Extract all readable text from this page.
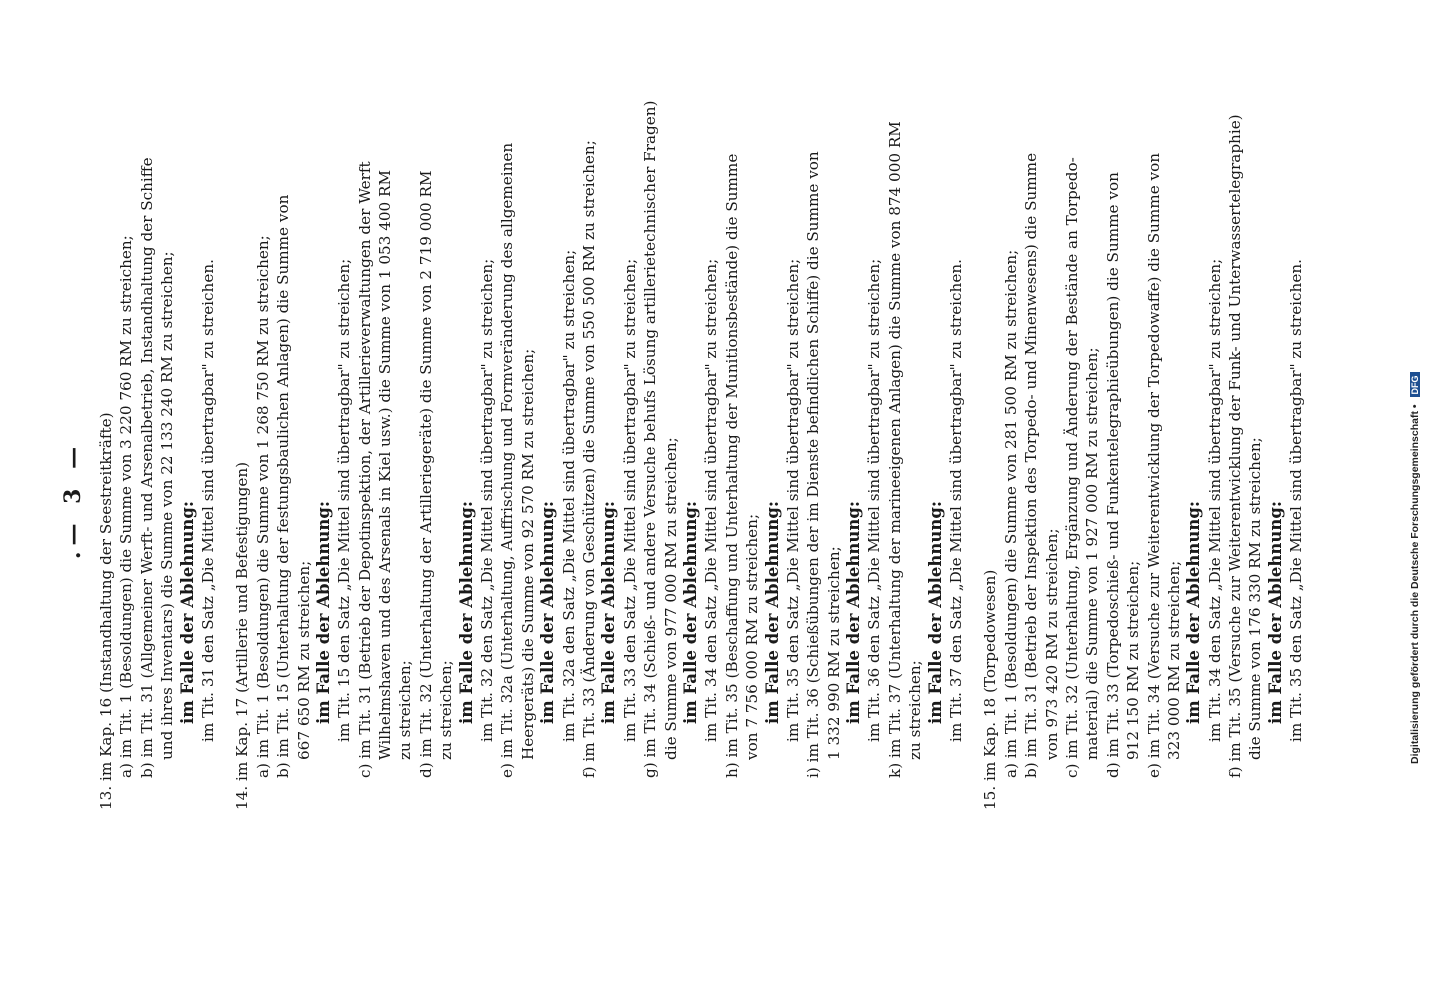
.— 3 — 13. im Kap. 16 (Instandhaltung der Seestreitkräfte) a) im Tit. 1 (Besoldungen) die Summe von 3 220 760 RM zu streichen; b) im Tit. 31 (Allgemeiner Werft- und Arsenalbetrieb, Instandhaltung der Schiffe und ihres Inventars) die Summe von 22 133 240 RM zu streichen; im Falle der Ablehnung: im Tit. 31 den Satz „Die Mittel sind übertragbar" zu streichen. 14. im Kap. 17 (Artillerie und Befestigungen) a) im Tit. 1 (Besoldungen) die Summe von 1 268 750 RM zu streichen; b) im Tit. 15 (Unterhaltung der festungsbaulichen Anlagen) die Summe von 667 650 RM zu streichen; im Falle der Ablehnung: im Tit. 15 den Satz „Die Mittel sind übertragbar" zu streichen; c) im Tit. 31 (Betrieb der Depotinspektion, der Artillerieverwaltungen der Werft Wilhelmshaven und des Arsenals in Kiel usw.) die Summe von 1 053 400 RM zu streichen; d) im Tit. 32 (Unterhaltung der Artilleriegeräte) die Summe von 2 719 000 RM zu streichen; im Falle der Ablehnung: im Tit. 32 den Satz „Die Mittel sind übertragbar" zu streichen; e) im Tit. 32a (Unterhaltung, Auffrischung und Formveränderung des allgemeinen Heergeräts) die Summe von 92 570 RM zu streichen; im Falle der Ablehnung: im Tit. 32a den Satz „Die Mittel sind übertragbar" zu streichen; f) im Tit. 33 (Änderung von Geschützen) die Summe von 550 500 RM zu streichen; im Falle der Ablehnung: im Tit. 33 den Satz „Die Mittel sind übertragbar" zu streichen; g) im Tit. 34 (Schieß- und andere Versuche behufs Lösung artillerietechnischer Fragen) die Summe von 977 000 RM zu streichen; im Falle der Ablehnung: im Tit. 34 den Satz „Die Mittel sind übertragbar" zu streichen; h) im Tit. 35 (Beschaffung und Unterhaltung der Munitionsbestände) die Summe von 7 756 000 RM zu streichen; im Falle der Ablehnung: im Tit. 35 den Satz „Die Mittel sind übertragbar" zu streichen; i) im Tit. 36 (Schießübungen der im Dienste befindlichen Schiffe) die Summe von 1 332 990 RM zu streichen; im Falle der Ablehnung: im Tit. 36 den Satz „Die Mittel sind übertragbar" zu streichen; k) im Tit. 37 (Unterhaltung der marineeigenen Anlagen) die Summe von 874 000 RM zu streichen; im Falle der Ablehnung: im Tit. 37 den Satz „Die Mittel sind übertragbar" zu streichen. 15. im Kap. 18 (Torpedowesen) a) im Tit. 1 (Besoldungen) die Summe von 281 500 RM zu streichen; b) im Tit. 31 (Betrieb der Inspektion des Torpedo- und Minenwesens) die Summe von 973 420 RM zu streichen; c) im Tit. 32 (Unterhaltung, Ergänzung und Änderung der Bestände an Torpedo- material) die Summe von 1 927 000 RM zu streichen; d) im Tit. 33 (Torpedoschieß- und Funkentelegraphieübungen) die Summe von 912 150 RM zu streichen; e) im Tit. 34 (Versuche zur Weiterentwicklung der Torpedowaffe) die Summe von 323 000 RM zu streichen; im Falle der Ablehnung: im Tit. 34 den Satz „Die Mittel sind übertragbar" zu streichen; f) im Tit. 35 (Versuche zur Weiterentwicklung der Funk- und Unterwassertelegraphie) die Summe von 176 330 RM zu streichen; im Falle der Ablehnung: im Tit. 35 den Satz „Die Mittel sind übertragbar" zu streichen.	Digitalisierung gefördert durch die Deutsche Forschungsgemeinschaft • DFG
